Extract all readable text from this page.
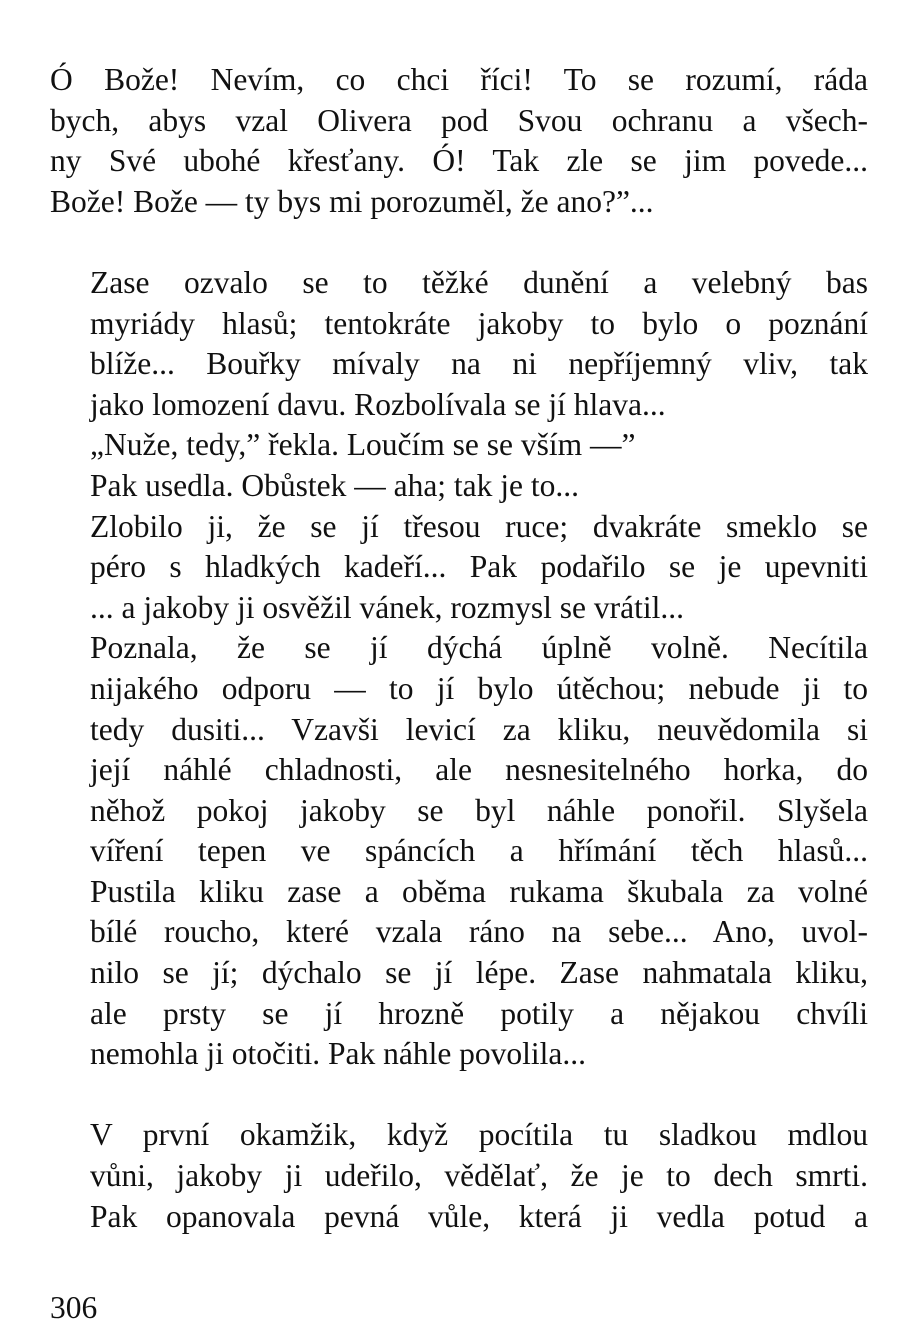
Ó Bože! Nevím, co chci říci! To se rozumí, ráda
bych, abys vzal Olivera pod Svou ochranu a všech-
ny Své ubohé křesťany. Ó! Tak zle se jim povede...
Bože! Bože — ty bys mi porozuměl, že ano?”...

Zase ozvalo se to těžké dunění a velebný bas
myriády hlasů; tentokráte jakoby to bylo o poznání
blíže... Bouřky mívaly na ni nepříjemný vliv, tak
jako lomození davu. Rozbolívala se jí hlava...

„Nuže, tedy,” řekla. Loučím se se vším —”

Pak usedla. Obůstek — aha; tak je to...

Zlobilo ji, že se jí třesou ruce; dvakráte smeklo se
péro s hladkých kadeří... Pak podařilo se je upevniti
... a jakoby ji osvěžil vánek, rozmysl se vrátil...

Poznala, že se jí dýchá úplně volně. Necítila
nijakého odporu — to jí bylo útěchou; nebude ji to
tedy dusiti... Vzavši levicí za kliku, neuvědomila si
její náhlé chladnosti, ale nesnesitelného horka, do
něhož pokoj jakoby se byl náhle ponořil. Slyšela
víření tepen ve spáncích a hřímání těch hlasů...
Pustila kliku zase a oběma rukama škubala za volné
bílé roucho, které vzala ráno na sebe... Ano, uvol-
nilo se jí; dýchalo se jí lépe. Zase nahmatala kliku,
ale prsty se jí hrozně potily a nějakou chvíli
nemohla ji otočiti. Pak náhle povolila...

V první okamžik, když pocítila tu sladkou mdlou
vůni, jakoby ji udeřilo, vědělať, že je to dech smrti.
Pak opanovala pevná vůle, která ji vedla potud a

306
